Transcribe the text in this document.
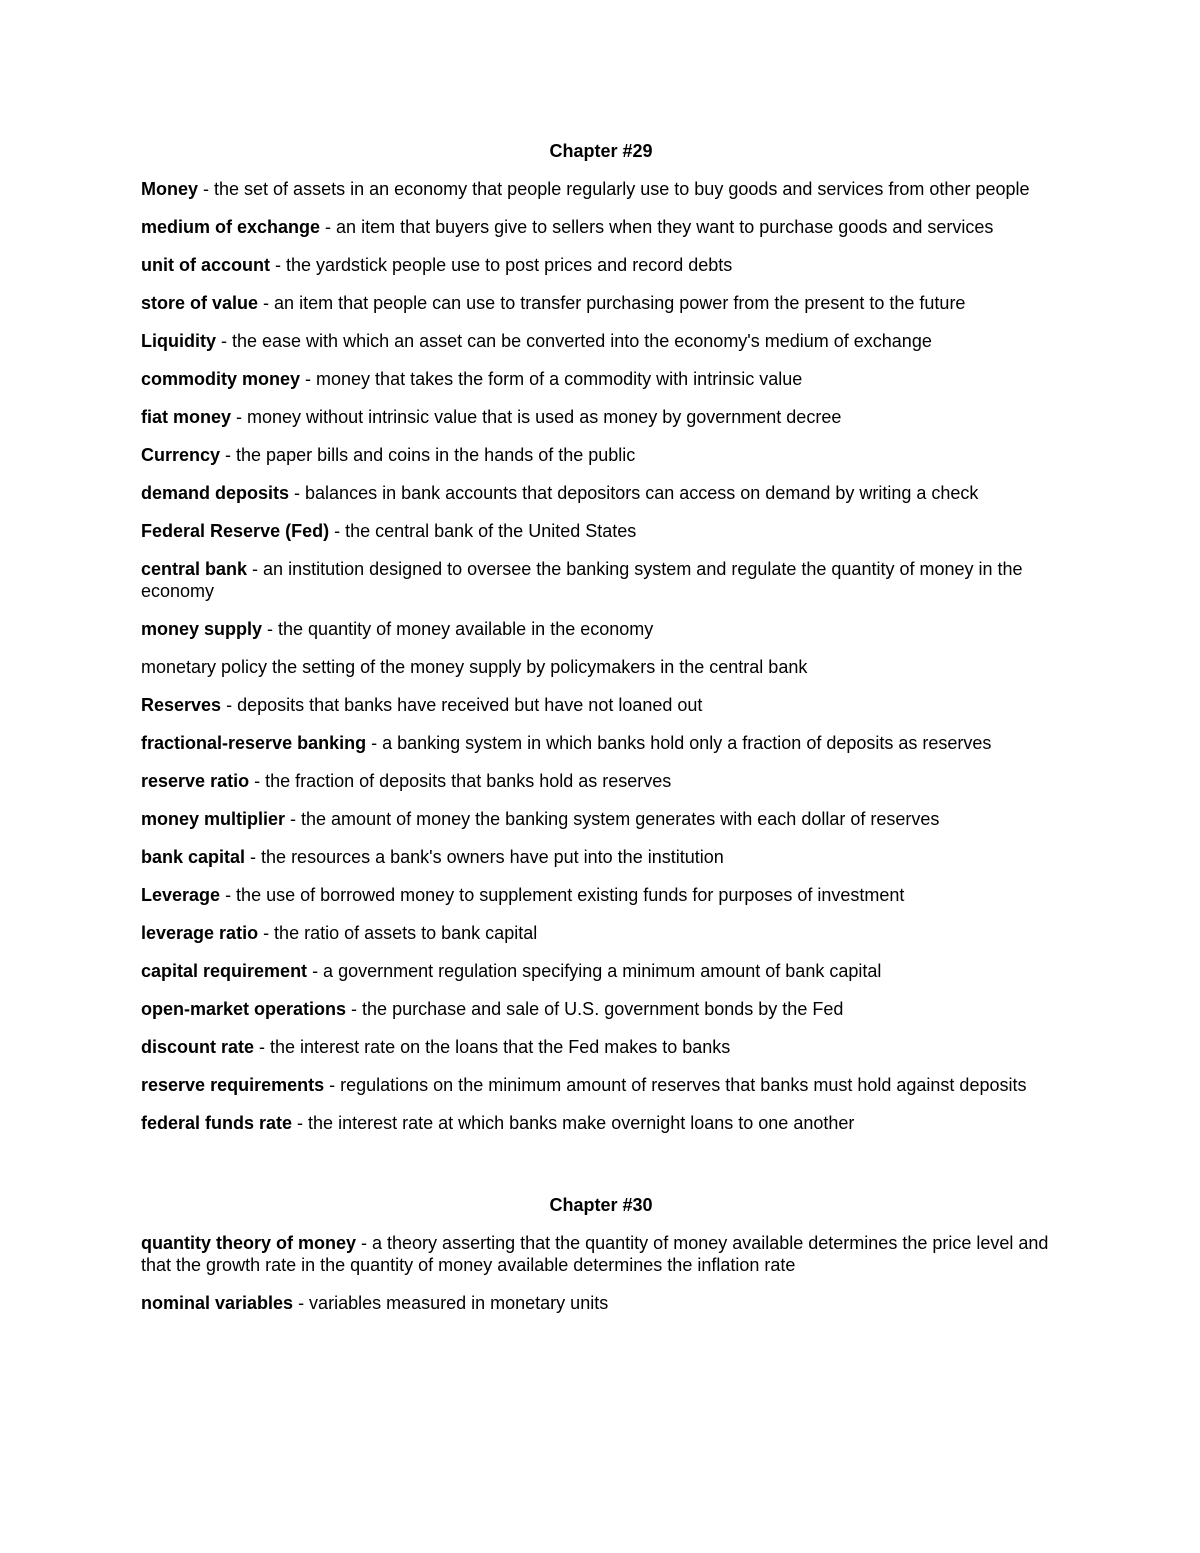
Chapter #29

Money - the set of assets in an economy that people regularly use to buy goods and services from other people

medium of exchange - an item that buyers give to sellers when they want to purchase goods and services

unit of account - the yardstick people use to post prices and record debts

store of value - an item that people can use to transfer purchasing power from the present to the future

Liquidity - the ease with which an asset can be converted into the economy's medium of exchange

commodity money - money that takes the form of a commodity with intrinsic value

fiat money - money without intrinsic value that is used as money by government decree

Currency - the paper bills and coins in the hands of the public

demand deposits - balances in bank accounts that depositors can access on demand by writing a check

Federal Reserve (Fed) - the central bank of the United States

central bank - an institution designed to oversee the banking system and regulate the quantity of money in the economy

money supply - the quantity of money available in the economy

monetary policy the setting of the money supply by policymakers in the central bank

Reserves - deposits that banks have received but have not loaned out

fractional-reserve banking - a banking system in which banks hold only a fraction of deposits as reserves

reserve ratio - the fraction of deposits that banks hold as reserves

money multiplier - the amount of money the banking system generates with each dollar of reserves

bank capital - the resources a bank's owners have put into the institution

Leverage - the use of borrowed money to supplement existing funds for purposes of investment

leverage ratio - the ratio of assets to bank capital

capital requirement - a government regulation specifying a minimum amount of bank capital

open-market operations - the purchase and sale of U.S. government bonds by the Fed

discount rate - the interest rate on the loans that the Fed makes to banks

reserve requirements - regulations on the minimum amount of reserves that banks must hold against deposits

federal funds rate - the interest rate at which banks make overnight loans to one another

Chapter #30

quantity theory of money - a theory asserting that the quantity of money available determines the price level and that the growth rate in the quantity of money available determines the inflation rate

nominal variables - variables measured in monetary units
